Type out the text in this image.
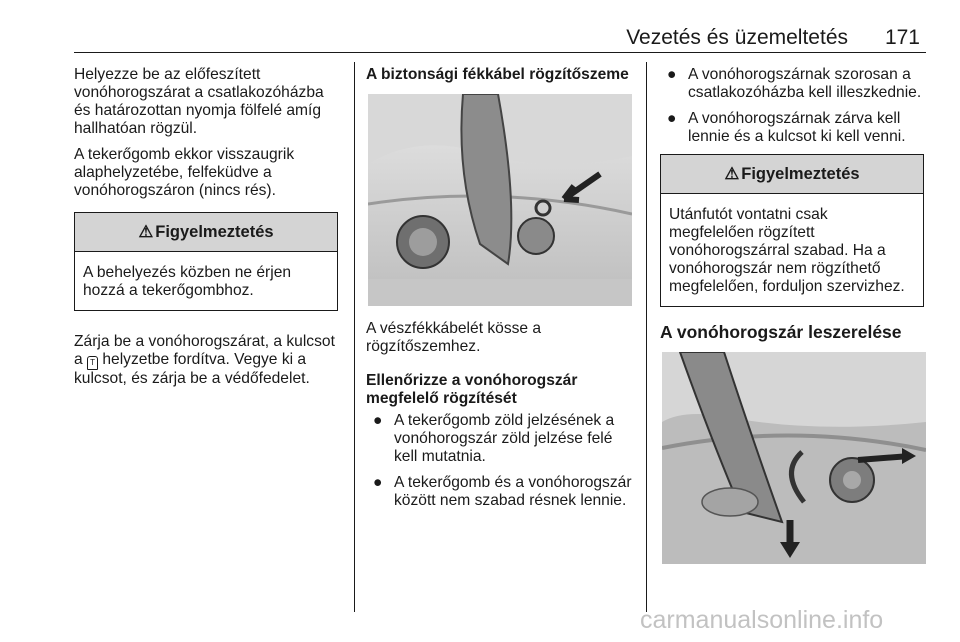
Vezetés és üzemeltetés 171

Helyezze be az előfeszített vonóhorogszárat a csatlakozóházba és határozottan nyomja fölfelé amíg hallhatóan rögzül.

A tekerőgomb ekkor visszaugrik alaphelyzetébe, felfeküdve a vonóhorogszáron (nincs rés).

⚠ Figyelmeztetés
A behelyezés közben ne érjen hozzá a tekerőgombhoz.

Zárja be a vonóhorogszárat, a kulcsot a T helyzetbe fordítva. Vegye ki a kulcsot, és zárja be a védőfedelet.

A biztonsági fékkábel rögzítőszeme

A vészfékkábelét kösse a rögzítőszemhez.

Ellenőrizze a vonóhorogszár megfelelő rögzítését
● A tekerőgomb zöld jelzésének a vonóhorogszár zöld jelzése felé kell mutatnia.
● A tekerőgomb és a vonóhorogszár között nem szabad résnek lennie.
● A vonóhorogszárnak szorosan a csatlakozóházba kell illeszkednie.
● A vonóhorogszárnak zárva kell lennie és a kulcsot ki kell venni.
⚠ Figyelmeztetés
Utánfutót vontatni csak megfelelően rögzített vonóhorogszárral szabad. Ha a vonóhorogszár nem rögzíthető megfelelően, forduljon szervizhez.
A vonóhorogszár leszerelése
carmanualsonline.info
